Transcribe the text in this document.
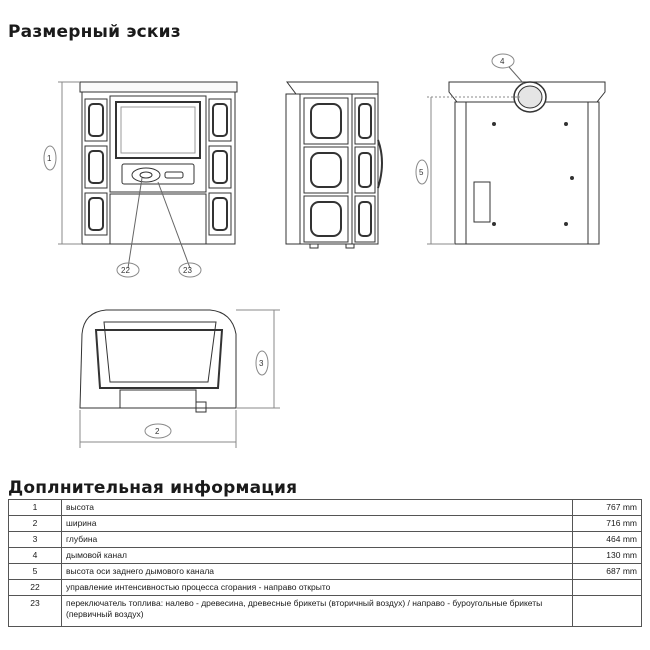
Размерный эскиз
1
5
4
22	23
2
3
Доплнительная информация
1	высота	767 mm
2	ширина	716 mm
3	глубина	464 mm
4	дымовой канал	130 mm
5	высота оси заднего дымового канала	687 mm
22	управление интенсивностью процесса сгорания - направо открыто	
23	переключатель топлива: налево - древесина, древесные брикеты (вторичный воздух) / направо - буроугольные брикеты (первичный воздух)	
